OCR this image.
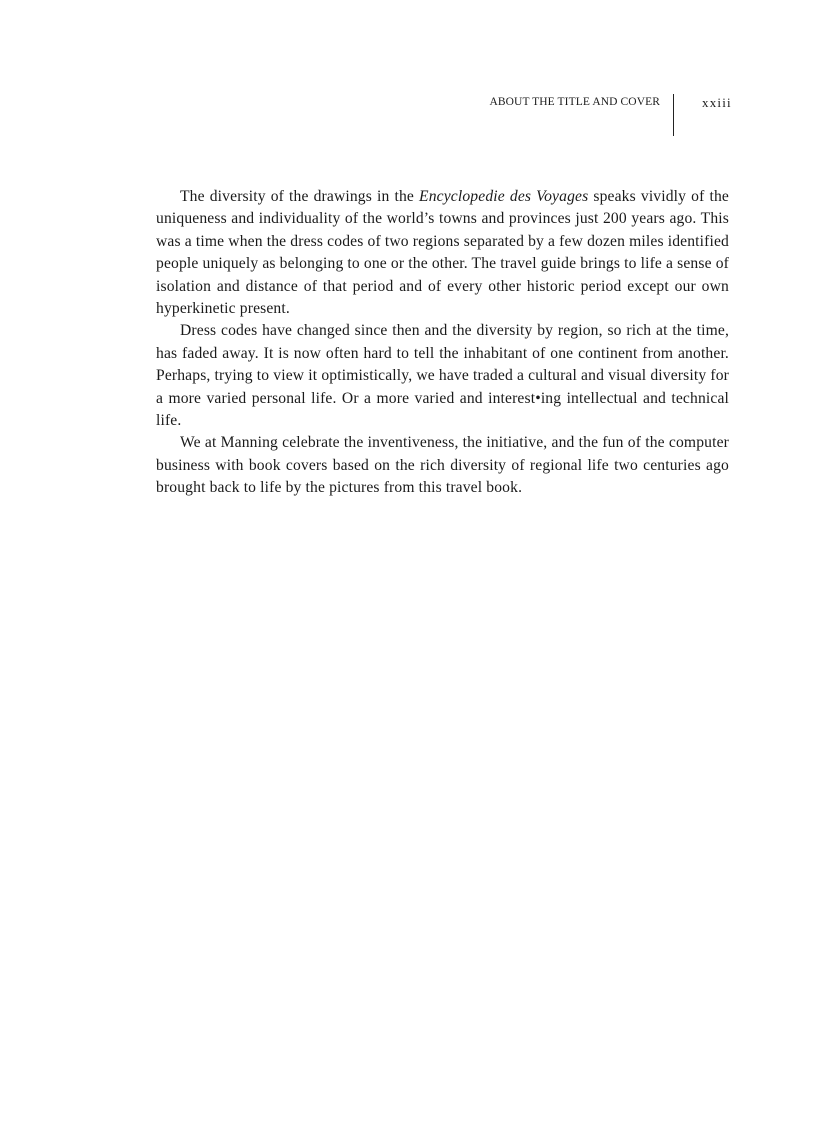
ABOUT THE TITLE AND COVER	xxiii

The diversity of the drawings in the Encyclopedie des Voyages speaks vividly of the uniqueness and individuality of the world’s towns and provinces just 200 years ago. This was a time when the dress codes of two regions separated by a few dozen miles identified people uniquely as belonging to one or the other. The travel guide brings to life a sense of isolation and distance of that period and of every other historic period except our own hyperkinetic present.

Dress codes have changed since then and the diversity by region, so rich at the time, has faded away. It is now often hard to tell the inhabitant of one continent from another. Perhaps, trying to view it optimistically, we have traded a cultural and visual diversity for a more varied personal life. Or a more varied and interest•ing intellectual and technical life.

We at Manning celebrate the inventiveness, the initiative, and the fun of the computer business with book covers based on the rich diversity of regional life two centuries ago brought back to life by the pictures from this travel book.
